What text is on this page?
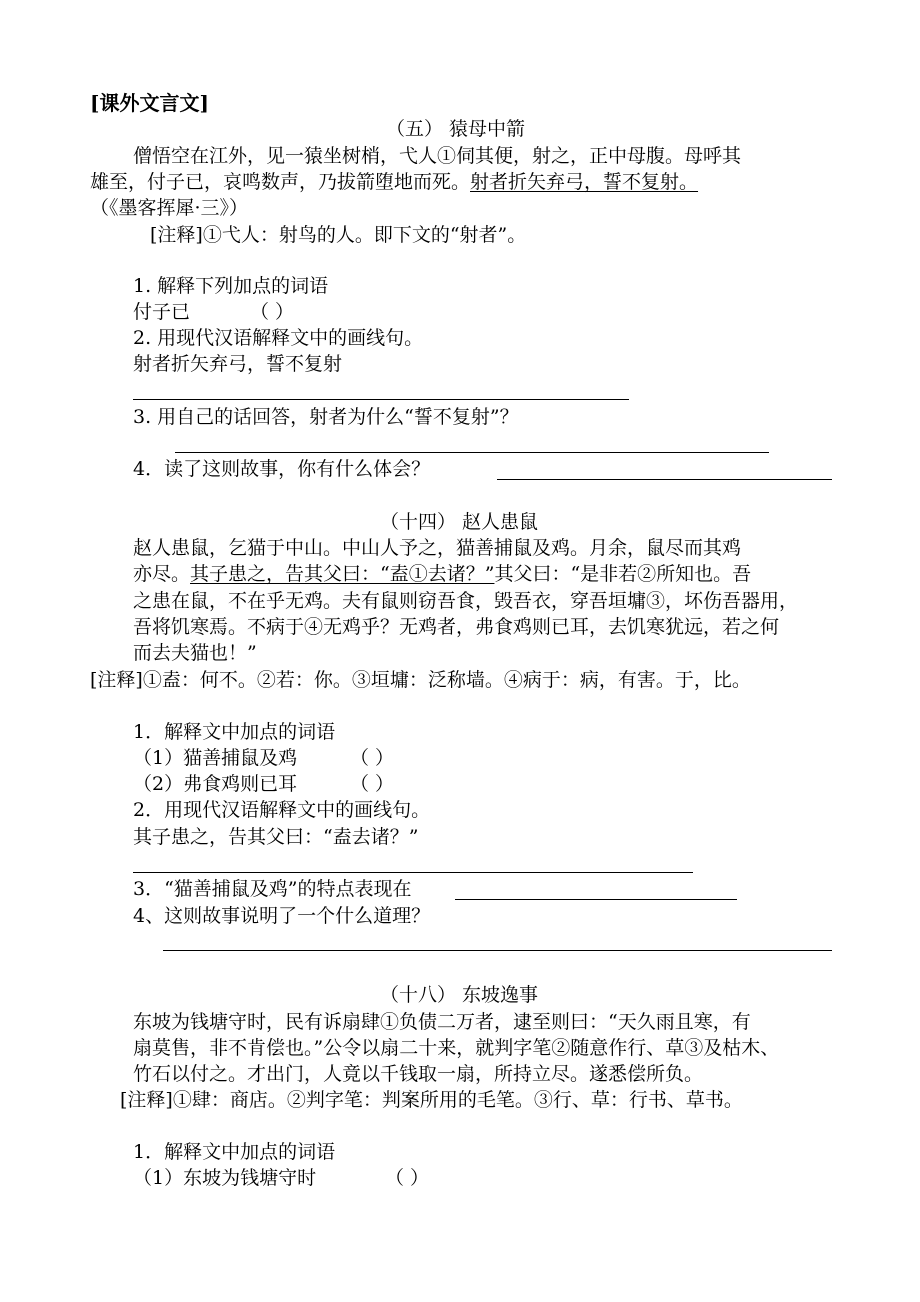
[课外文言文]
（五） 猿母中箭
僧悟空在江外，见一猿坐树梢，弋人①伺其便，射之，正中母腹。母呼其
雄至，付子已，哀鸣数声，乃拔箭堕地而死。射者折矢弃弓，誓不复射。
（《墨客挥犀·三》）
[注释]①弋人：射鸟的人。即下文的“射者”。
1. 解释下列加点的词语
付子已	（ ）
2. 用现代汉语解释文中的画线句。
射者折矢弃弓，誓不复射
3. 用自己的话回答，射者为什么“誓不复射”？
4．读了这则故事，你有什么体会？
（十四） 赵人患鼠
赵人患鼠，乞猫于中山。中山人予之，猫善捕鼠及鸡。月余，鼠尽而其鸡
亦尽。其子患之，告其父曰：“盍①去诸？”其父曰：“是非若②所知也。吾
之患在鼠，不在乎无鸡。夫有鼠则窃吾食，毁吾衣，穿吾垣墉③，坏伤吾器用，
吾将饥寒焉。不病于④无鸡乎？无鸡者，弗食鸡则已耳，去饥寒犹远，若之何
而去夫猫也！”
[注释]①盍：何不。②若：你。③垣墉：泛称墙。④病于：病，有害。于，比。
1．解释文中加点的词语
（1）猫善捕鼠及鸡	（ ）
（2）弗食鸡则已耳	（ ）
2．用现代汉语解释文中的画线句。
其子患之，告其父曰：“盍去诸？”
3．“猫善捕鼠及鸡”的特点表现在
4、这则故事说明了一个什么道理？
（十八） 东坡逸事
东坡为钱塘守时，民有诉扇肆①负债二万者，逮至则曰：“天久雨且寒，有
扇莫售，非不肯偿也。”公令以扇二十来，就判字笔②随意作行、草③及枯木、
竹石以付之。才出门，人竟以千钱取一扇，所持立尽。遂悉偿所负。
[注释]①肆：商店。②判字笔：判案所用的毛笔。③行、草：行书、草书。
1．解释文中加点的词语
（1）东坡为钱塘守时	（ ）
